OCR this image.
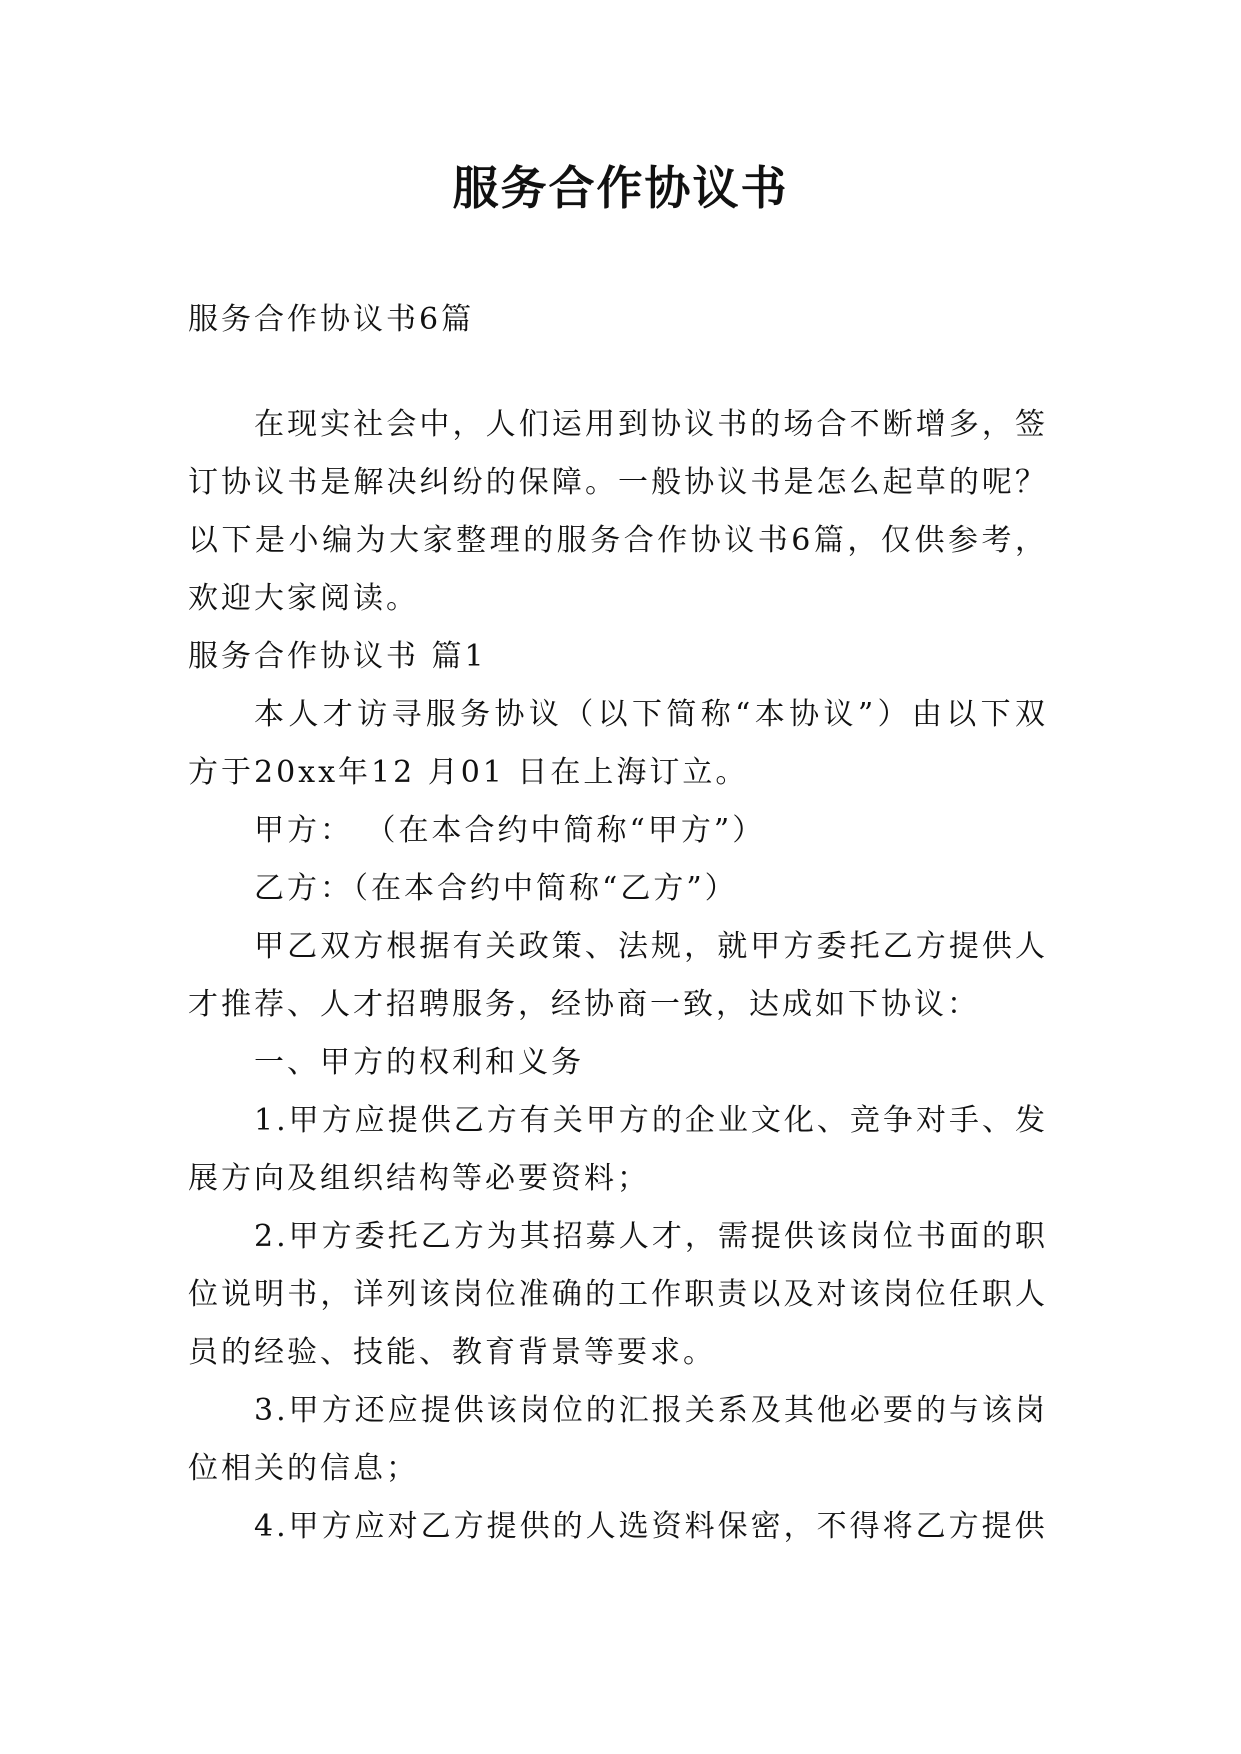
服务合作协议书
服务合作协议书6篇

在现实社会中，人们运用到协议书的场合不断增多，签订协议书是解决纠纷的保障。一般协议书是怎么起草的呢？以下是小编为大家整理的服务合作协议书6篇，仅供参考，欢迎大家阅读。

服务合作协议书 篇1

本人才访寻服务协议（以下简称“本协议”）由以下双方于20xx年12 月01 日在上海订立。

甲方： （在本合约中简称“甲方”）

乙方：（在本合约中简称“乙方”）

甲乙双方根据有关政策、法规，就甲方委托乙方提供人才推荐、人才招聘服务，经协商一致，达成如下协议：

一、甲方的权利和义务

1.甲方应提供乙方有关甲方的企业文化、竞争对手、发展方向及组织结构等必要资料；

2.甲方委托乙方为其招募人才，需提供该岗位书面的职位说明书，详列该岗位准确的工作职责以及对该岗位任职人员的经验、技能、教育背景等要求。

3.甲方还应提供该岗位的汇报关系及其他必要的与该岗位相关的信息；

4.甲方应对乙方提供的人选资料保密，不得将乙方提供
